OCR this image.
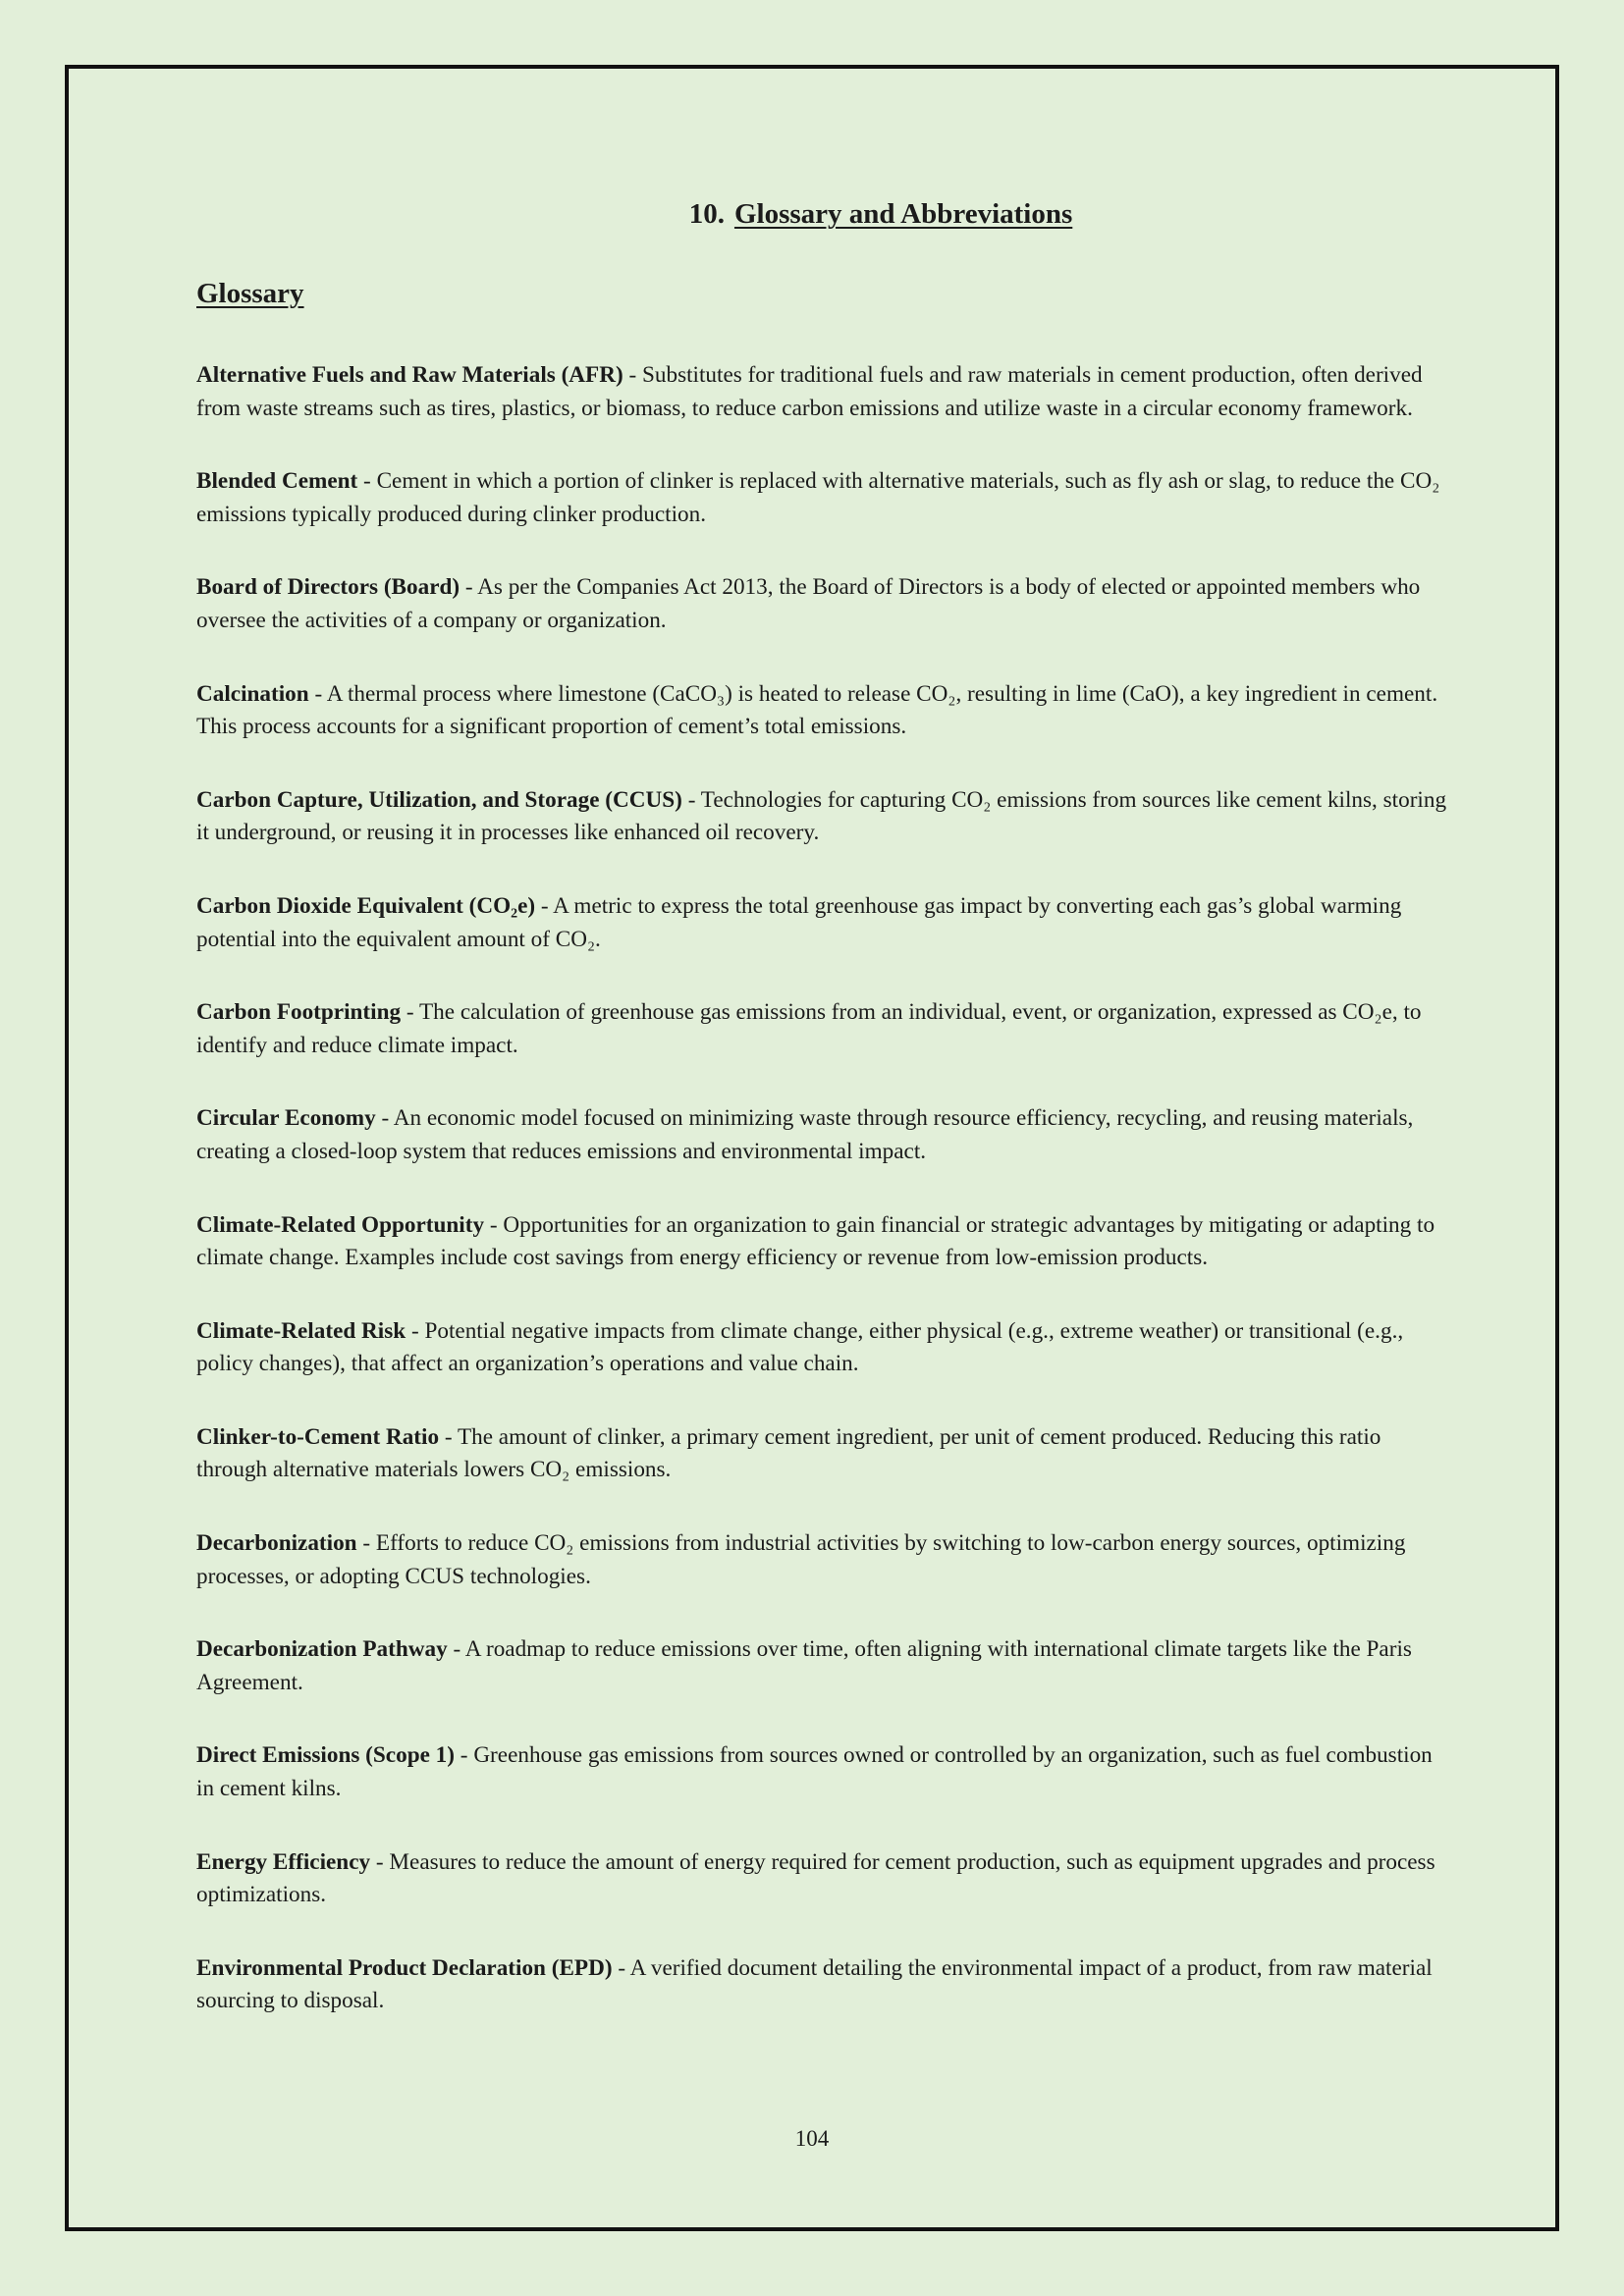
10. Glossary and Abbreviations
Glossary

Alternative Fuels and Raw Materials (AFR) - Substitutes for traditional fuels and raw materials in cement production, often derived from waste streams such as tires, plastics, or biomass, to reduce carbon emissions and utilize waste in a circular economy framework.

Blended Cement - Cement in which a portion of clinker is replaced with alternative materials, such as fly ash or slag, to reduce the CO₂ emissions typically produced during clinker production.

Board of Directors (Board) - As per the Companies Act 2013, the Board of Directors is a body of elected or appointed members who oversee the activities of a company or organization.

Calcination - A thermal process where limestone (CaCO₃) is heated to release CO₂, resulting in lime (CaO), a key ingredient in cement. This process accounts for a significant proportion of cement’s total emissions.

Carbon Capture, Utilization, and Storage (CCUS) - Technologies for capturing CO₂ emissions from sources like cement kilns, storing it underground, or reusing it in processes like enhanced oil recovery.

Carbon Dioxide Equivalent (CO₂e) - A metric to express the total greenhouse gas impact by converting each gas’s global warming potential into the equivalent amount of CO₂.

Carbon Footprinting - The calculation of greenhouse gas emissions from an individual, event, or organization, expressed as CO₂e, to identify and reduce climate impact.

Circular Economy - An economic model focused on minimizing waste through resource efficiency, recycling, and reusing materials, creating a closed-loop system that reduces emissions and environmental impact.

Climate-Related Opportunity - Opportunities for an organization to gain financial or strategic advantages by mitigating or adapting to climate change. Examples include cost savings from energy efficiency or revenue from low-emission products.

Climate-Related Risk - Potential negative impacts from climate change, either physical (e.g., extreme weather) or transitional (e.g., policy changes), that affect an organization’s operations and value chain.

Clinker-to-Cement Ratio - The amount of clinker, a primary cement ingredient, per unit of cement produced. Reducing this ratio through alternative materials lowers CO₂ emissions.

Decarbonization - Efforts to reduce CO₂ emissions from industrial activities by switching to low-carbon energy sources, optimizing processes, or adopting CCUS technologies.

Decarbonization Pathway - A roadmap to reduce emissions over time, often aligning with international climate targets like the Paris Agreement.

Direct Emissions (Scope 1) - Greenhouse gas emissions from sources owned or controlled by an organization, such as fuel combustion in cement kilns.

Energy Efficiency - Measures to reduce the amount of energy required for cement production, such as equipment upgrades and process optimizations.

Environmental Product Declaration (EPD) - A verified document detailing the environmental impact of a product, from raw material sourcing to disposal.

104
